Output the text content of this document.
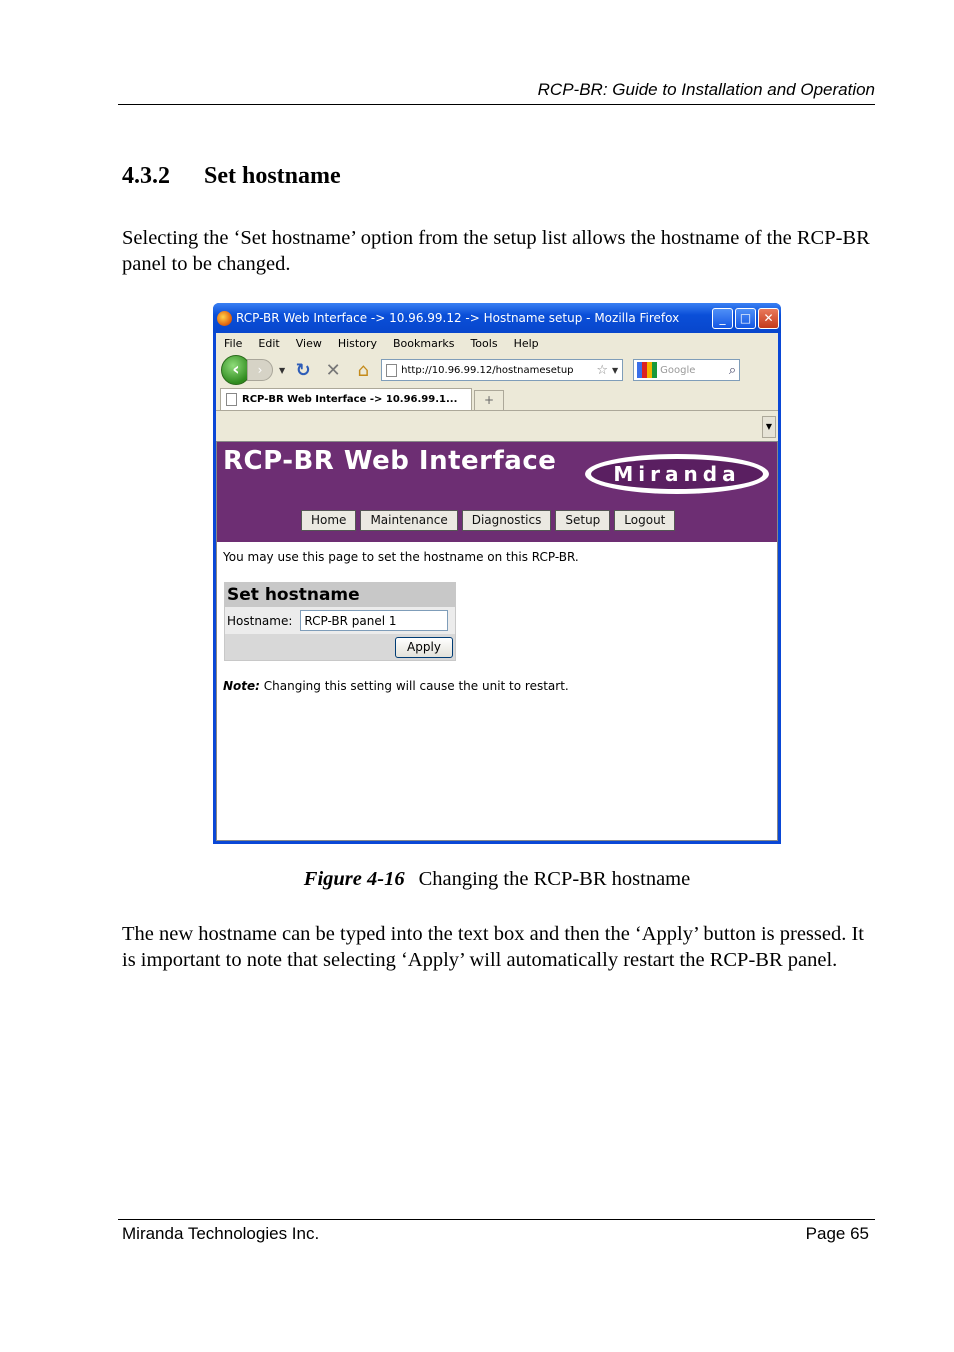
RCP-BR: Guide to Installation and Operation
4.3.2 Set hostname

Selecting the ‘Set hostname’ option from the setup list allows the hostname of the RCP-BR panel to be changed.

RCP-BR Web Interface -> 10.96.99.12 -> Hostname setup - Mozilla Firefox	_	□	✕
File Edit View History Bookmarks Tools Help
‹	›	▼ ↻ ✕ ⌂	http://10.96.99.12/hostnamesetup	☆ ▼	Google	⌕
RCP-BR Web Interface -> 10.96.99.1...	+
▼
RCP-BR Web Interface	Miranda
Home	Maintenance	Diagnostics	Setup	Logout
You may use this page to set the hostname on this RCP-BR.
Set hostname
Hostname:
RCP-BR panel 1
Apply
Note: Changing this setting will cause the unit to restart.
Figure 4-16 Changing the RCP-BR hostname

The new hostname can be typed into the text box and then the ‘Apply’ button is pressed. It is important to note that selecting ‘Apply’ will automatically restart the RCP-BR panel.

Miranda Technologies Inc.	Page 65
